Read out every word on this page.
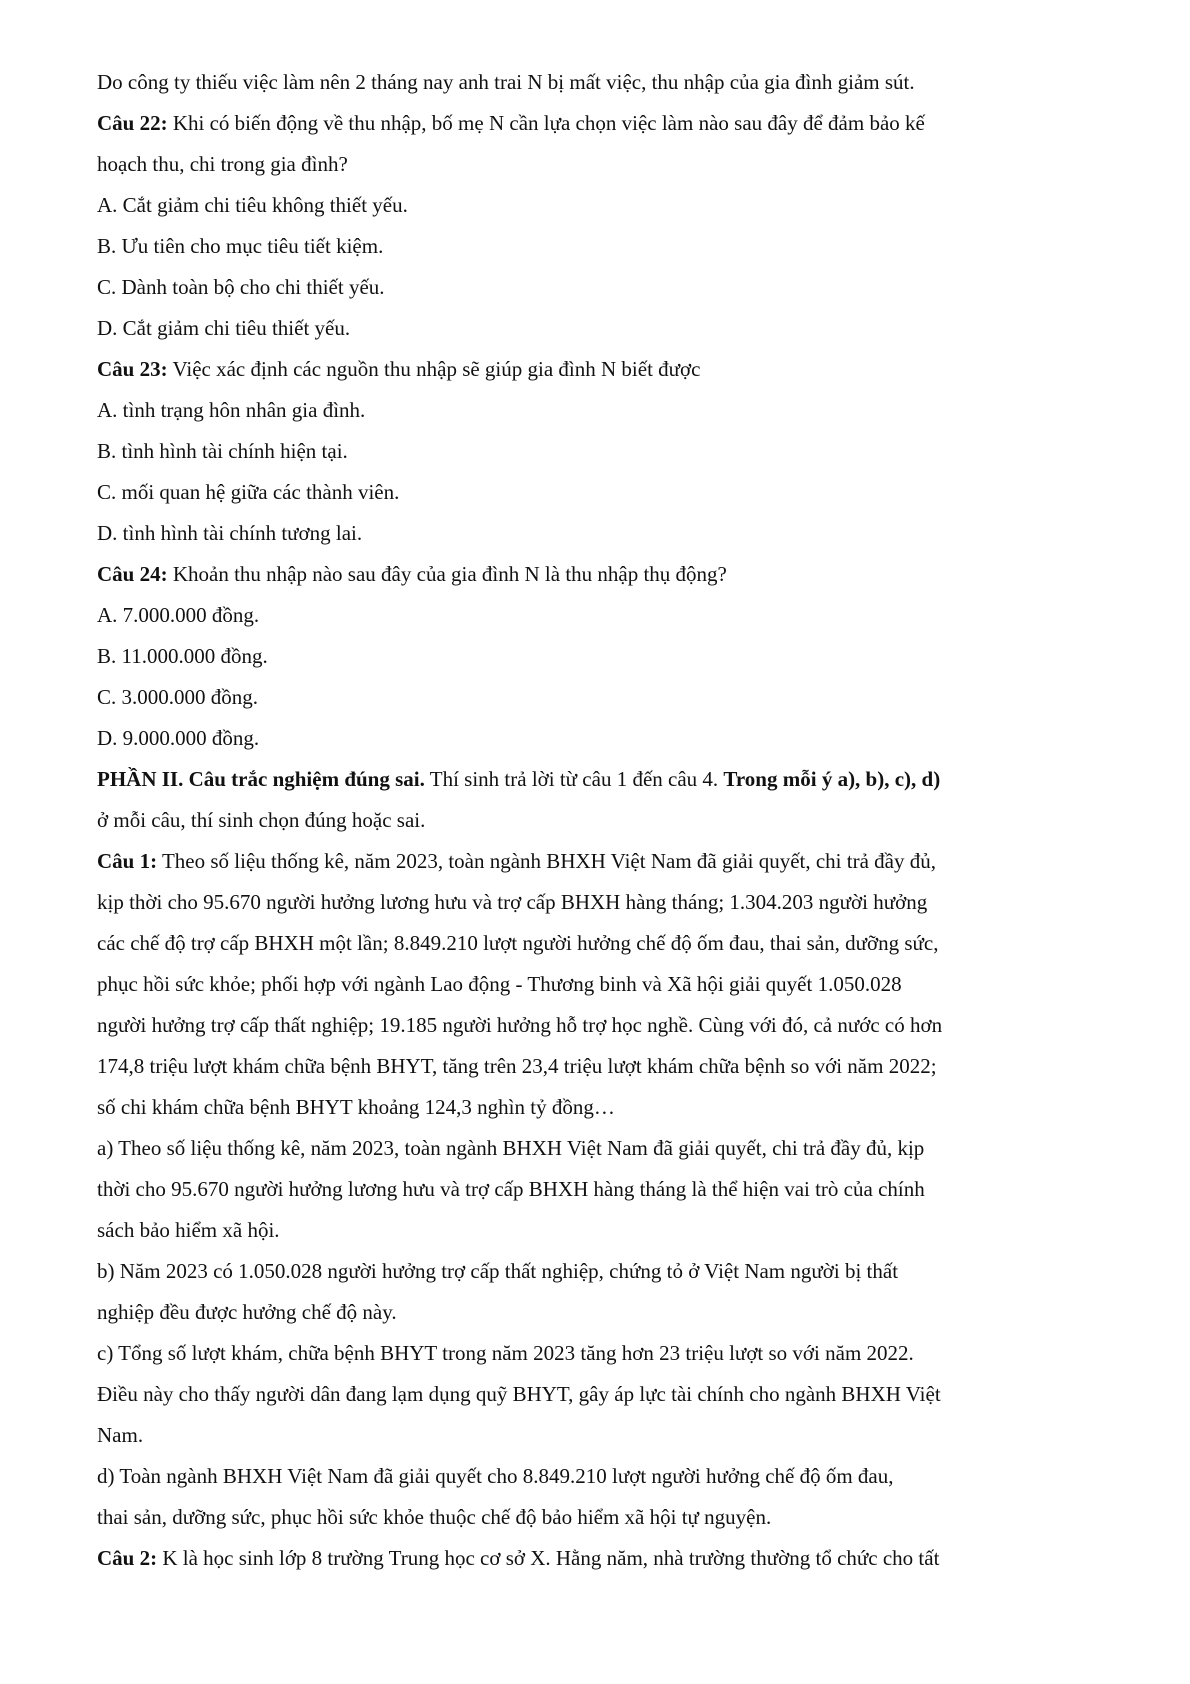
Do công ty thiếu việc làm nên 2 tháng nay anh trai N bị mất việc, thu nhập của gia đình giảm sút.
Câu 22: Khi có biến động về thu nhập, bố mẹ N cần lựa chọn việc làm nào sau đây để đảm bảo kế
hoạch thu, chi trong gia đình?
A. Cắt giảm chi tiêu không thiết yếu.
B. Ưu tiên cho mục tiêu tiết kiệm.
C. Dành toàn bộ cho chi thiết yếu.
D. Cắt giảm chi tiêu thiết yếu.
Câu 23: Việc xác định các nguồn thu nhập sẽ giúp gia đình N biết được
A. tình trạng hôn nhân gia đình.
B. tình hình tài chính hiện tại.
C. mối quan hệ giữa các thành viên.
D. tình hình tài chính tương lai.
Câu 24: Khoản thu nhập nào sau đây của gia đình N là thu nhập thụ động?
A. 7.000.000 đồng.
B. 11.000.000 đồng.
C. 3.000.000 đồng.
D. 9.000.000 đồng.
PHẦN II. Câu trắc nghiệm đúng sai. Thí sinh trả lời từ câu 1 đến câu 4. Trong mỗi ý a), b), c), d)
ở mỗi câu, thí sinh chọn đúng hoặc sai.
Câu 1: Theo số liệu thống kê, năm 2023, toàn ngành BHXH Việt Nam đã giải quyết, chi trả đầy đủ,
kịp thời cho 95.670 người hưởng lương hưu và trợ cấp BHXH hàng tháng; 1.304.203 người hưởng
các chế độ trợ cấp BHXH một lần; 8.849.210 lượt người hưởng chế độ ốm đau, thai sản, dưỡng sức,
phục hồi sức khỏe; phối hợp với ngành Lao động - Thương binh và Xã hội giải quyết 1.050.028
người hưởng trợ cấp thất nghiệp; 19.185 người hưởng hỗ trợ học nghề. Cùng với đó, cả nước có hơn
174,8 triệu lượt khám chữa bệnh BHYT, tăng trên 23,4 triệu lượt khám chữa bệnh so với năm 2022;
số chi khám chữa bệnh BHYT khoảng 124,3 nghìn tỷ đồng…
a) Theo số liệu thống kê, năm 2023, toàn ngành BHXH Việt Nam đã giải quyết, chi trả đầy đủ, kịp
thời cho 95.670 người hưởng lương hưu và trợ cấp BHXH hàng tháng là thể hiện vai trò của chính
sách bảo hiểm xã hội.
b) Năm 2023 có 1.050.028 người hưởng trợ cấp thất nghiệp, chứng tỏ ở Việt Nam người bị thất
nghiệp đều được hưởng chế độ này.
c) Tổng số lượt khám, chữa bệnh BHYT trong năm 2023 tăng hơn 23 triệu lượt so với năm 2022.
Điều này cho thấy người dân đang lạm dụng quỹ BHYT, gây áp lực tài chính cho ngành BHXH Việt
Nam.
d) Toàn ngành BHXH Việt Nam đã giải quyết cho 8.849.210 lượt người hưởng chế độ ốm đau,
thai sản, dưỡng sức, phục hồi sức khỏe thuộc chế độ bảo hiểm xã hội tự nguyện.
Câu 2: K là học sinh lớp 8 trường Trung học cơ sở X. Hằng năm, nhà trường thường tổ chức cho tất
